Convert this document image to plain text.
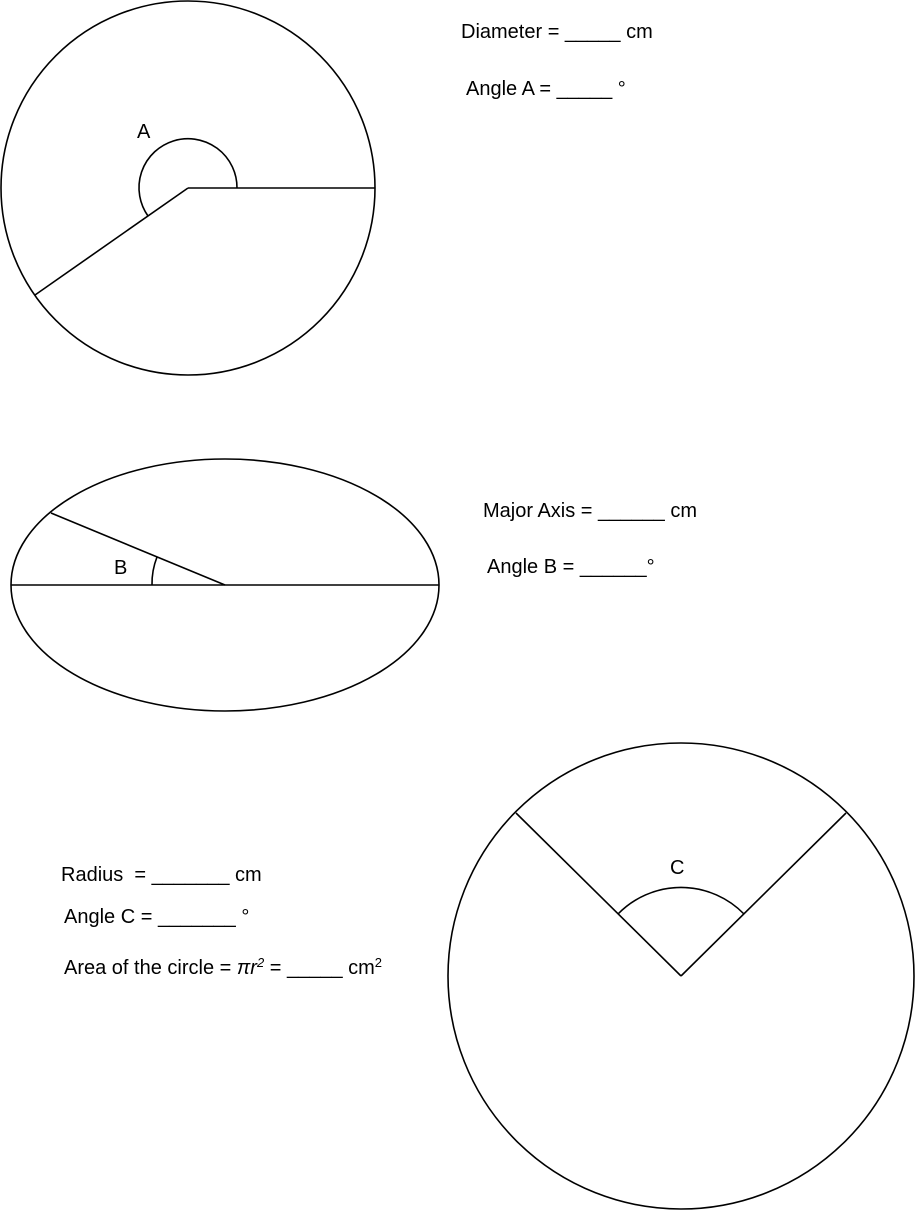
A
B
C
Diameter = _____ cm
Angle A = _____ °
Major Axis = ______ cm
Angle B = ______°
Radius  = _______ cm
Angle C = _______ °
Area of the circle = $\pi r^2$ = _____ $cm^2$
